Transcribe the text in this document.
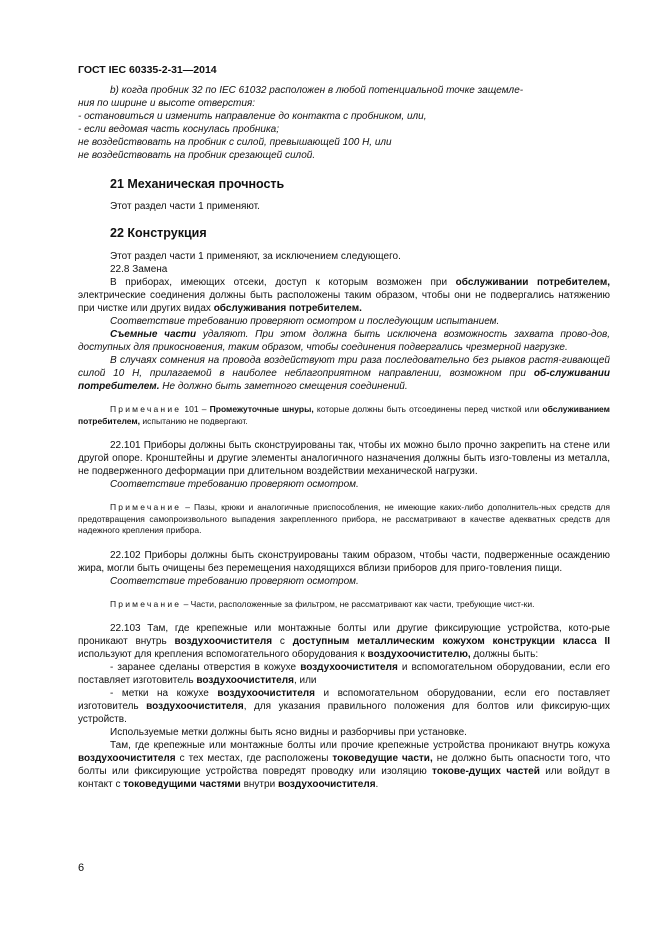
ГОСТ IEC 60335-2-31—2014

b) когда пробник 32 по IEC 61032 расположен в любой потенциальной точке защемле-
ния по ширине и высоте отверстия:

- остановиться и изменить направление до контакта с пробником, или,

- если ведомая часть коснулась пробника;

не воздействовать на пробник с силой, превышающей 100 Н, или

не воздействовать на пробник срезающей силой.

21 Механическая прочность

Этот раздел части 1 применяют.

22 Конструкция

Этот раздел части 1 применяют, за исключением следующего.

22.8 Замена

В приборах, имеющих отсеки, доступ к которым возможен при обслуживании потребителем, электрические соединения должны быть расположены таким образом, чтобы они не подвергались натяжению при чистке или других видах обслуживания потребителем.

Соответствие требованию проверяют осмотром и последующим испытанием.

Съемные части удаляют. При этом должна быть исключена возможность захвата прово-дов, доступных для прикосновения, таким образом, чтобы соединения подвергались чрезмерной нагрузке.

В случаях сомнения на провода воздействуют три раза последовательно без рывков растя-гивающей силой 10 Н, прилагаемой в наиболее неблагоприятном направлении, возможном при об-служивании потребителем. Не должно быть заметного смещения соединений.

Примечание 101 – Промежуточные шнуры, которые должны быть отсоединены перед чисткой или обслуживанием потребителем, испытанию не подвергают.

22.101 Приборы должны быть сконструированы так, чтобы их можно было прочно закрепить на стене или другой опоре. Кронштейны и другие элементы аналогичного назначения должны быть изго-товлены из металла, не подверженного деформации при длительном воздействии механической нагрузки.

Соответствие требованию проверяют осмотром.

Примечание – Пазы, крюки и аналогичные приспособления, не имеющие каких-либо дополнитель-ных средств для предотвращения самопроизвольного выпадения закрепленного прибора, не рассматривают в качестве адекватных средств для надежного крепления прибора.

22.102 Приборы должны быть сконструированы таким образом, чтобы части, подверженные осаждению жира, могли быть очищены без перемещения находящихся вблизи приборов для приго-товления пищи.

Соответствие требованию проверяют осмотром.

Примечание – Части, расположенные за фильтром, не рассматривают как части, требующие чист-ки.

22.103 Там, где крепежные или монтажные болты или другие фиксирующие устройства, кото-рые проникают внутрь воздухоочистителя с доступным металлическим кожухом конструкции класса II используют для крепления вспомогательного оборудования к воздухоочистителю, должны быть:

- заранее сделаны отверстия в кожухе воздухоочистителя и вспомогательном оборудовании, если его поставляет изготовитель воздухоочистителя, или

- метки на кожухе воздухоочистителя и вспомогательном оборудовании, если его поставляет изготовитель воздухоочистителя, для указания правильного положения для болтов или фиксирую-щих устройств.

Используемые метки должны быть ясно видны и разборчивы при установке.

Там, где крепежные или монтажные болты или прочие крепежные устройства проникают внутрь кожуха воздухоочистителя с тех местах, где расположены токоведущие части, не должно быть опасности того, что болты или фиксирующие устройства повредят проводку или изоляцию токове-дущих частей или войдут в контакт с токоведущими частями внутри воздухоочистителя.

6
